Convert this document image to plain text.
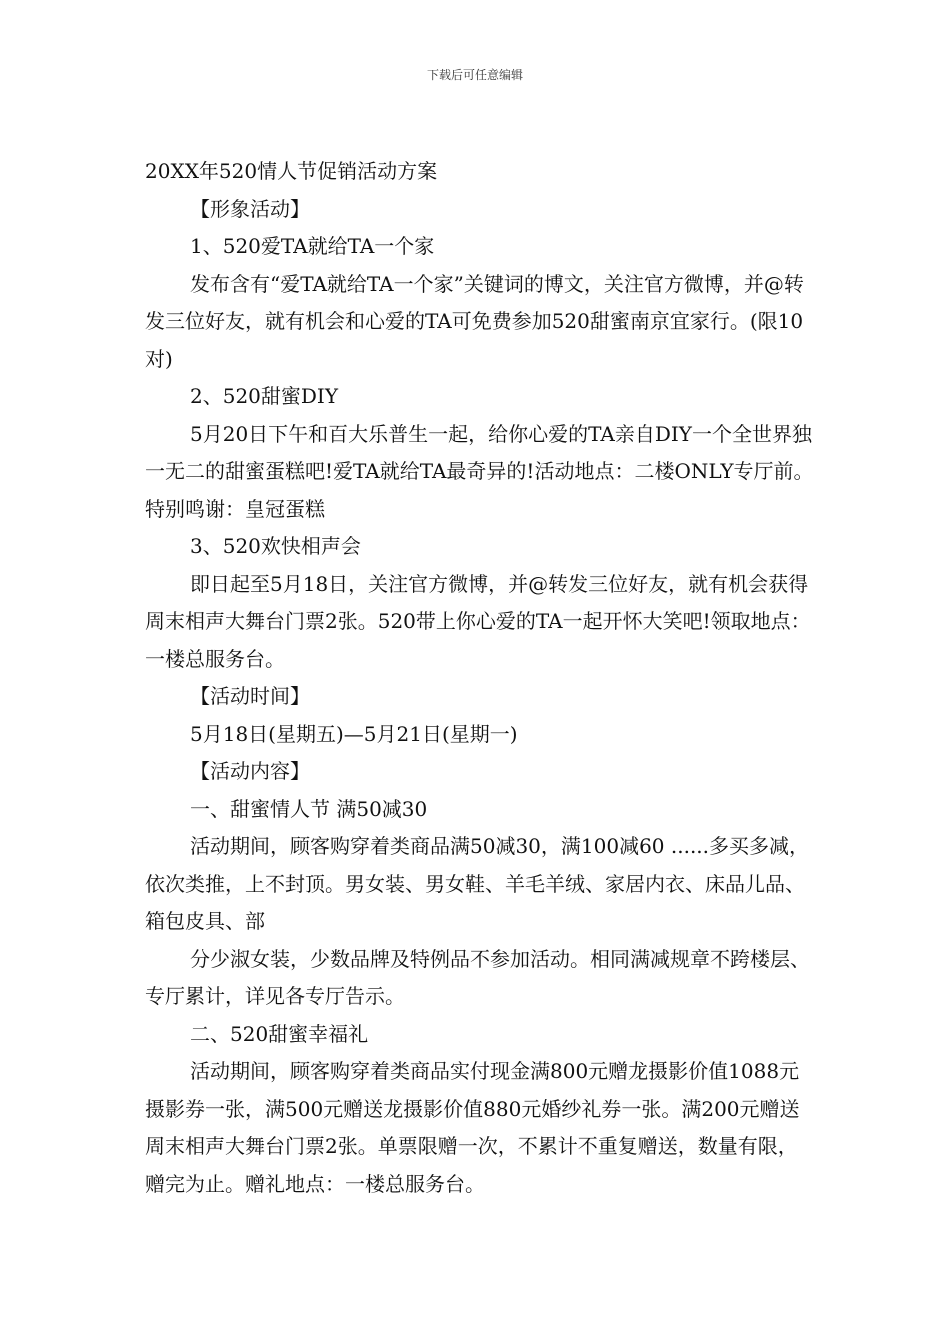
下载后可任意编辑

20XX年520情人节促销活动方案

【形象活动】

1、520爱TA就给TA一个家

发布含有“爱TA就给TA一个家”关键词的博文，关注官方微博，并@转发三位好友，就有机会和心爱的TA可免费参加520甜蜜南京宜家行。(限10对)

2、520甜蜜DIY

5月20日下午和百大乐普生一起，给你心爱的TA亲自DIY一个全世界独一无二的甜蜜蛋糕吧!爱TA就给TA最奇异的!活动地点：二楼ONLY专厅前。特别鸣谢：皇冠蛋糕

3、520欢快相声会

即日起至5月18日，关注官方微博，并@转发三位好友，就有机会获得周末相声大舞台门票2张。520带上你心爱的TA一起开怀大笑吧!领取地点：一楼总服务台。

【活动时间】

5月18日(星期五)—5月21日(星期一)

【活动内容】

一、甜蜜情人节 满50减30

活动期间，顾客购穿着类商品满50减30，满100减60 ......多买多减，依次类推，上不封顶。男女装、男女鞋、羊毛羊绒、家居内衣、床品儿品、箱包皮具、部

分少淑女装，少数品牌及特例品不参加活动。相同满减规章不跨楼层、专厅累计，详见各专厅告示。

二、520甜蜜幸福礼

活动期间，顾客购穿着类商品实付现金满800元赠龙摄影价值1088元摄影券一张，满500元赠送龙摄影价值880元婚纱礼券一张。满200元赠送周末相声大舞台门票2张。单票限赠一次，不累计不重复赠送，数量有限，赠完为止。赠礼地点：一楼总服务台。
